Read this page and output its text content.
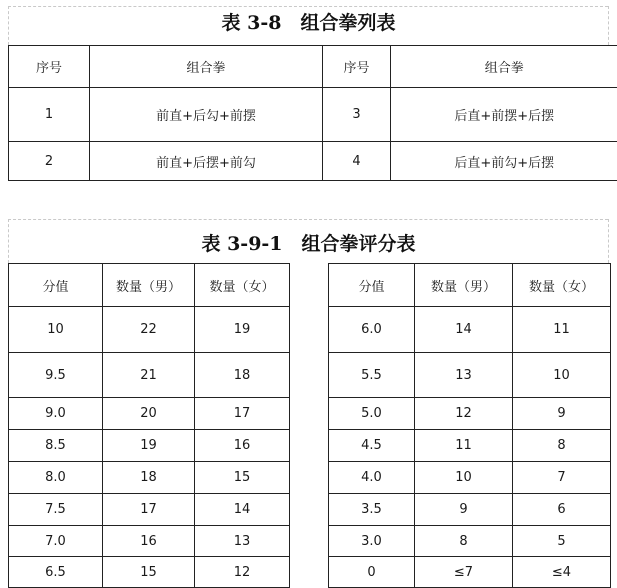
表 3-8　组合拳列表
序号	组合拳	序号	组合拳
1	前直+后勾+前摆	3	后直+前摆+后摆
2	前直+后摆+前勾	4	后直+前勾+后摆
表 3-9-1　组合拳评分表
分值	数量（男）	数量（女）		分值	数量（男）	数量（女）
10	22	19		6.0	14	11
9.5	21	18		5.5	13	10
9.0	20	17		5.0	12	9
8.5	19	16		4.5	11	8
8.0	18	15		4.0	10	7
7.5	17	14		3.5	9	6
7.0	16	13		3.0	8	5
6.5	15	12		0	≤7	≤4
